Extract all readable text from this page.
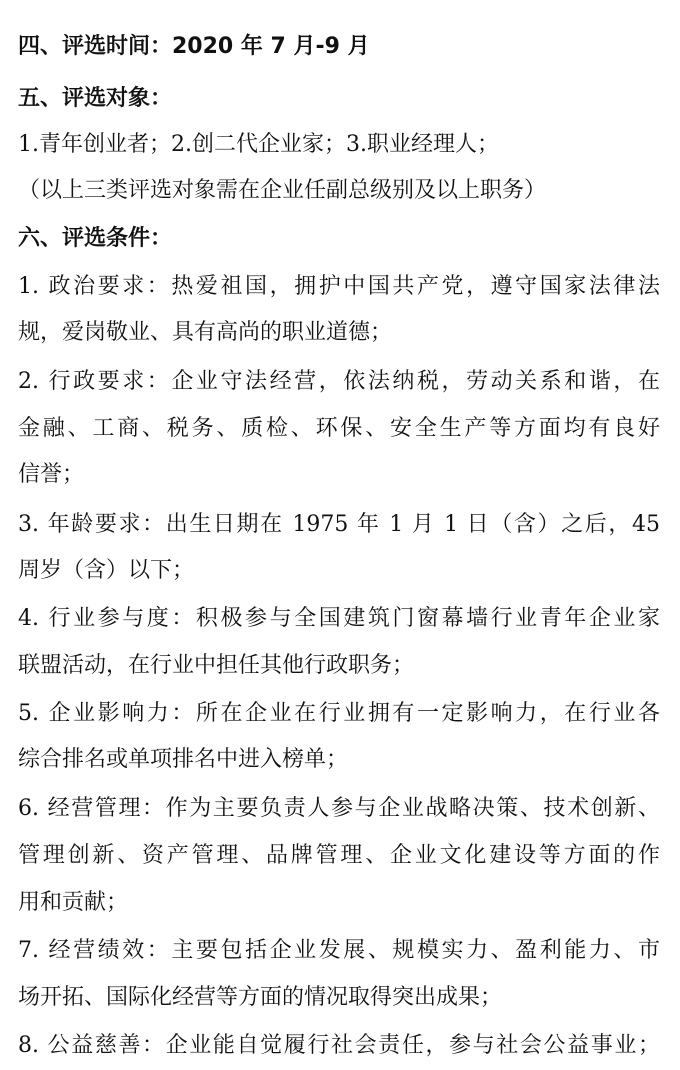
四、评选时间：2020 年 7 月-9 月
五、评选对象：
1.青年创业者；2.创二代企业家；3.职业经理人；
（以上三类评选对象需在企业任副总级别及以上职务）
六、评选条件：
1. 政治要求：热爱祖国，拥护中国共产党，遵守国家法律法
规，爱岗敬业、具有高尚的职业道德；
2. 行政要求：企业守法经营，依法纳税，劳动关系和谐，在
金融、工商、税务、质检、环保、安全生产等方面均有良好
信誉；
3. 年龄要求：出生日期在 1975 年 1 月 1 日（含）之后，45
周岁（含）以下；
4. 行业参与度：积极参与全国建筑门窗幕墙行业青年企业家
联盟活动，在行业中担任其他行政职务；
5. 企业影响力：所在企业在行业拥有一定影响力，在行业各
综合排名或单项排名中进入榜单；
6. 经营管理：作为主要负责人参与企业战略决策、技术创新、
管理创新、资产管理、品牌管理、企业文化建设等方面的作
用和贡献；
7. 经营绩效：主要包括企业发展、规模实力、盈利能力、市
场开拓、国际化经营等方面的情况取得突出成果；
8. 公益慈善：企业能自觉履行社会责任，参与社会公益事业；
